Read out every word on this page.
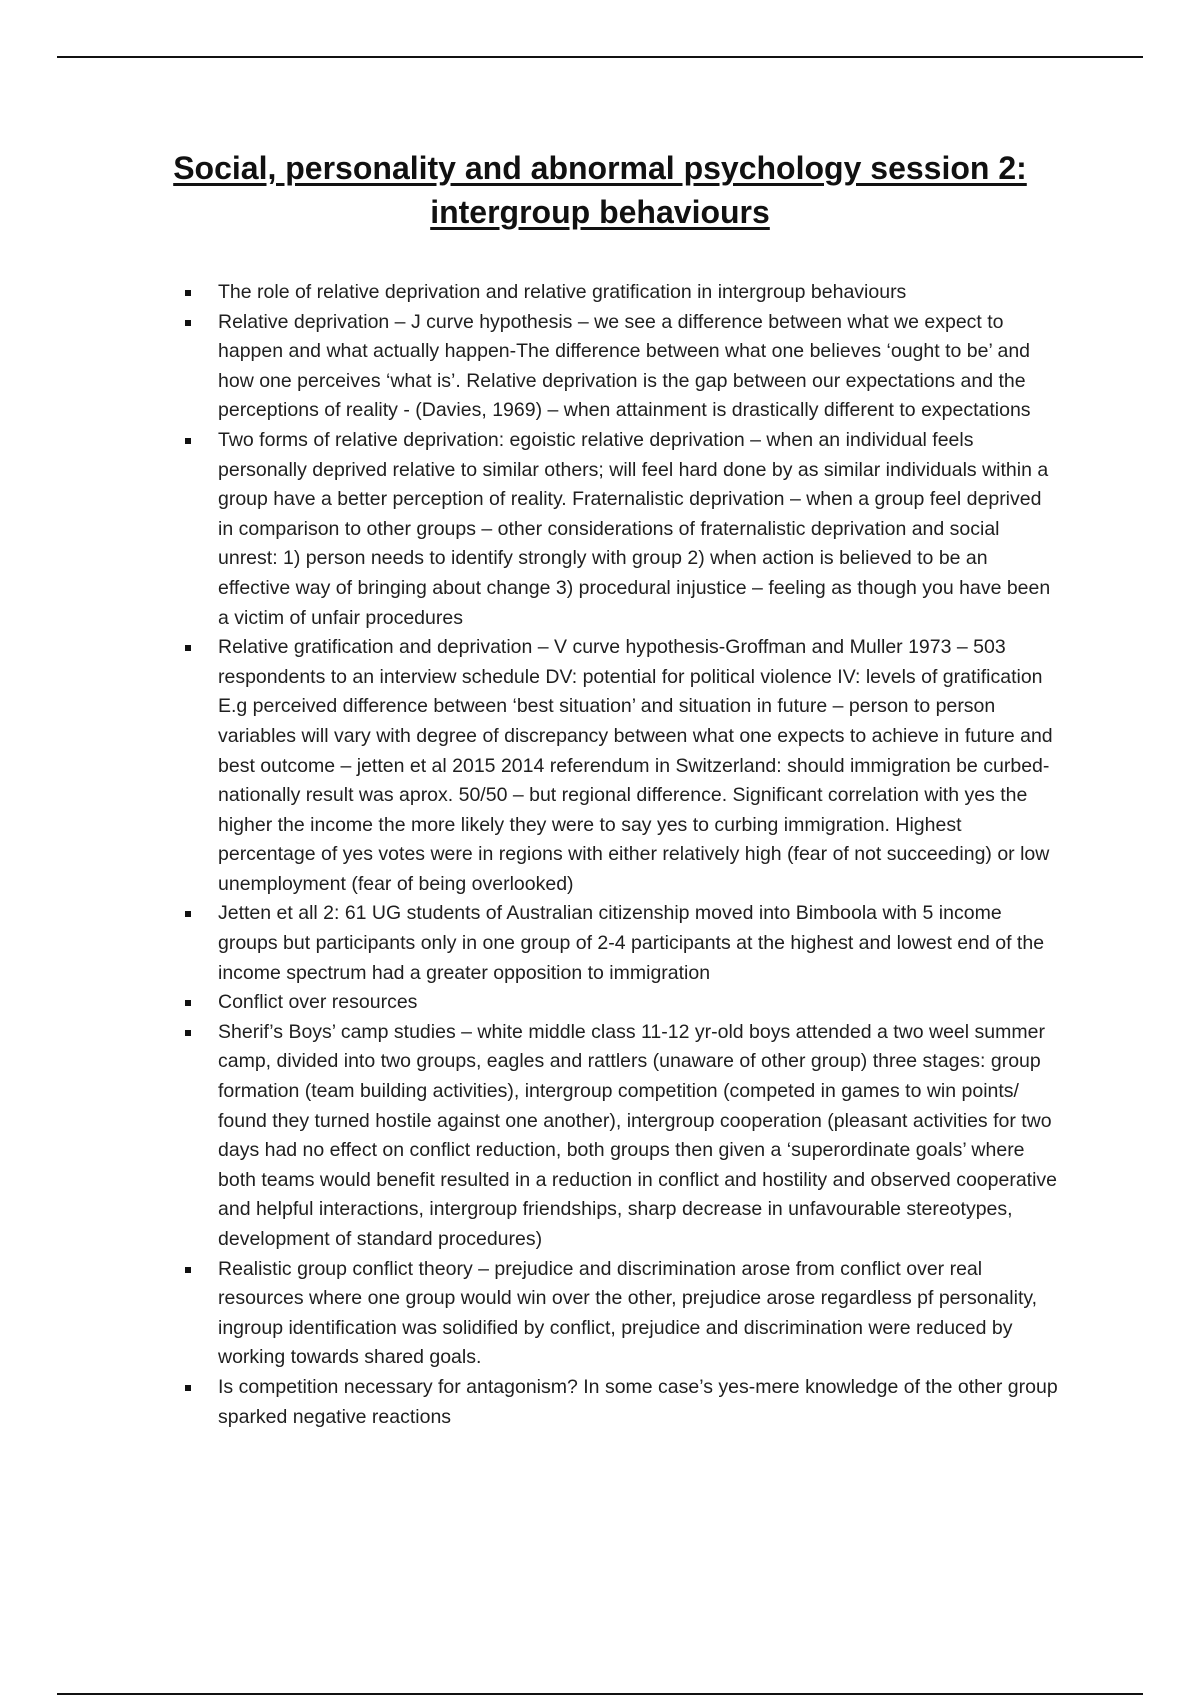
Social, personality and abnormal psychology session 2:
intergroup behaviours
The role of relative deprivation and relative gratification in intergroup behaviours
Relative deprivation – J curve hypothesis – we see a difference between what we expect to happen and what actually happen-The difference between what one believes ‘ought to be’ and how one perceives ‘what is’. Relative deprivation is the gap between our expectations and the perceptions of reality - (Davies, 1969) – when attainment is drastically different to expectations
Two forms of relative deprivation: egoistic relative deprivation – when an individual feels personally deprived relative to similar others; will feel hard done by as similar individuals within a group have a better perception of reality. Fraternalistic deprivation – when a group feel deprived in comparison to other groups – other considerations of fraternalistic deprivation and social unrest: 1) person needs to identify strongly with group 2) when action is believed to be an effective way of bringing about change 3) procedural injustice – feeling as though you have been a victim of unfair procedures
Relative gratification and deprivation – V curve hypothesis-Groffman and Muller 1973 – 503 respondents to an interview schedule DV: potential for political violence IV: levels of gratification E.g perceived difference between ‘best situation’ and situation in future – person to person variables will vary with degree of discrepancy between what one expects to achieve in future and best outcome – jetten et al 2015 2014 referendum in Switzerland: should immigration be curbed-nationally result was aprox. 50/50 – but regional difference. Significant correlation with yes the higher the income the more likely they were to say yes to curbing immigration. Highest percentage of yes votes were in regions with either relatively high (fear of not succeeding) or low unemployment (fear of being overlooked)
Jetten et all 2: 61 UG students of Australian citizenship moved into Bimboola with 5 income groups but participants only in one group of 2-4 participants at the highest and lowest end of the income spectrum had a greater opposition to immigration
Conflict over resources
Sherif’s Boys’ camp studies – white middle class 11-12 yr-old boys attended a two weel summer camp, divided into two groups, eagles and rattlers (unaware of other group) three stages: group formation (team building activities), intergroup competition (competed in games to win points/ found they turned hostile against one another), intergroup cooperation (pleasant activities for two days had no effect on conflict reduction, both groups then given a ‘superordinate goals’ where both teams would benefit resulted in a reduction in conflict and hostility and observed cooperative and helpful interactions, intergroup friendships, sharp decrease in unfavourable stereotypes, development of standard procedures)
Realistic group conflict theory – prejudice and discrimination arose from conflict over real resources where one group would win over the other, prejudice arose regardless pf personality, ingroup identification was solidified by conflict, prejudice and discrimination were reduced by working towards shared goals.
Is competition necessary for antagonism? In some case’s yes-mere knowledge of the other group sparked negative reactions
